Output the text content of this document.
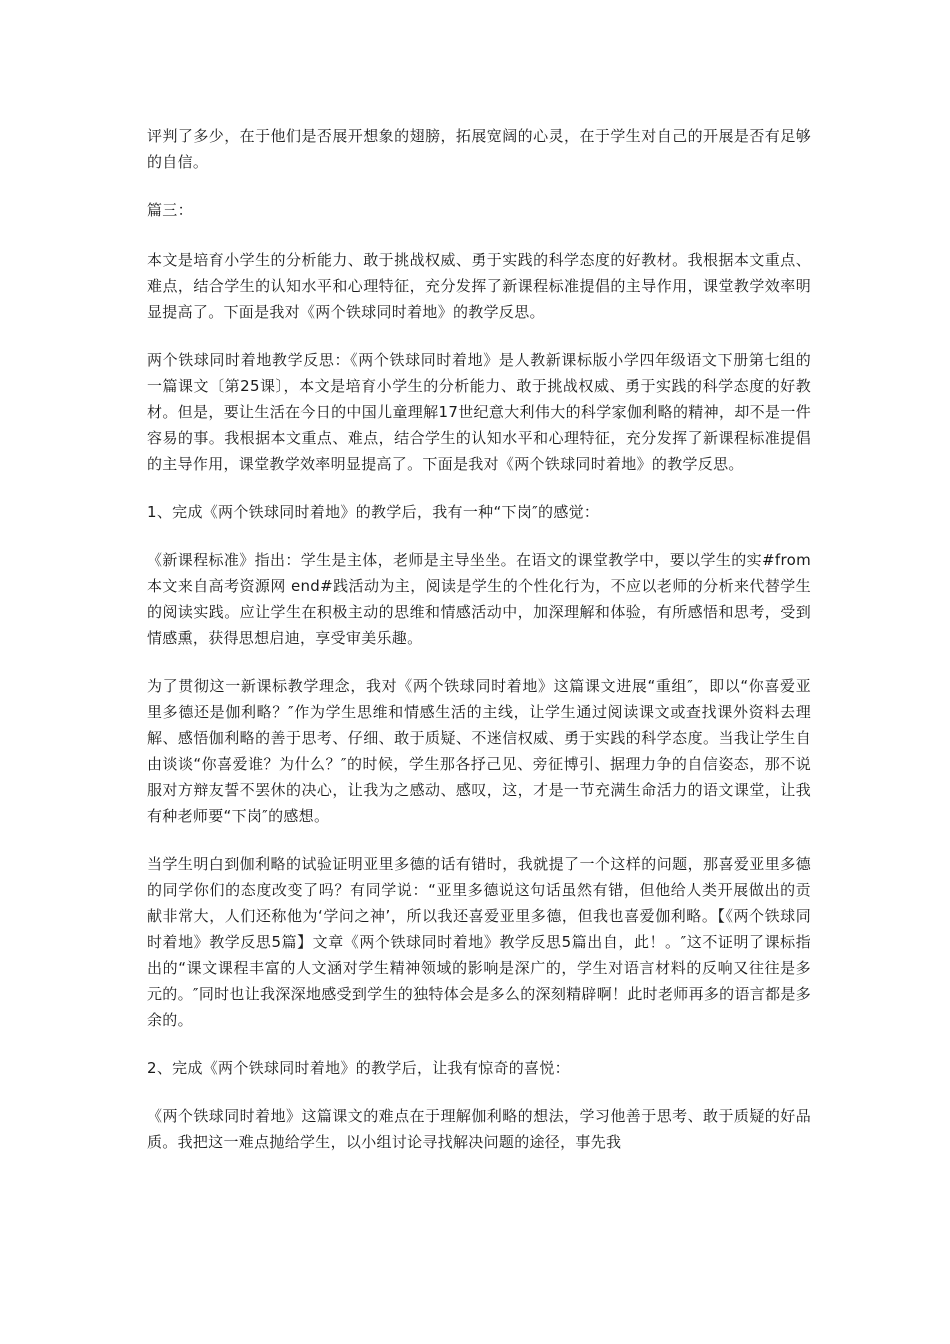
评判了多少，在于他们是否展开想象的翅膀，拓展宽阔的心灵，在于学生对自己的开展是否有足够的自信。

篇三：

本文是培育小学生的分析能力、敢于挑战权威、勇于实践的科学态度的好教材。我根据本文重点、难点，结合学生的认知水平和心理特征，充分发挥了新课程标准提倡的主导作用，课堂教学效率明显提高了。下面是我对《两个铁球同时着地》的教学反思。

两个铁球同时着地教学反思：《两个铁球同时着地》是人教新课标版小学四年级语文下册第七组的一篇课文〔第25课〕，本文是培育小学生的分析能力、敢于挑战权威、勇于实践的科学态度的好教材。但是，要让生活在今日的中国儿童理解17世纪意大利伟大的科学家伽利略的精神，却不是一件容易的事。我根据本文重点、难点，结合学生的认知水平和心理特征，充分发挥了新课程标准提倡的主导作用，课堂教学效率明显提高了。下面是我对《两个铁球同时着地》的教学反思。

1、完成《两个铁球同时着地》的教学后，我有一种“下岗″的感觉：

《新课程标准》指出：学生是主体，老师是主导坐坐。在语文的课堂教学中，要以学生的实#from 本文来自高考资源网 end#践活动为主，阅读是学生的个性化行为，不应以老师的分析来代替学生的阅读实践。应让学生在积极主动的思维和情感活动中，加深理解和体验，有所感悟和思考，受到情感熏，获得思想启迪，享受审美乐趣。

为了贯彻这一新课标教学理念，我对《两个铁球同时着地》这篇课文进展“重组″，即以“你喜爱亚里多德还是伽利略？″作为学生思维和情感生活的主线，让学生通过阅读课文或查找课外资料去理解、感悟伽利略的善于思考、仔细、敢于质疑、不迷信权威、勇于实践的科学态度。当我让学生自由谈谈“你喜爱谁？为什么？″的时候，学生那各抒己见、旁征博引、据理力争的自信姿态，那不说服对方辩友誓不罢休的决心，让我为之感动、感叹，这，才是一节充满生命活力的语文课堂，让我有种老师要“下岗″的感想。

当学生明白到伽利略的试验证明亚里多德的话有错时，我就提了一个这样的问题，那喜爱亚里多德的同学你们的态度改变了吗？有同学说：“亚里多德说这句话虽然有错，但他给人类开展做出的贡献非常大，人们还称他为‘学问之神’，所以我还喜爱亚里多德，但我也喜爱伽利略。【《两个铁球同时着地》教学反思5篇】文章《两个铁球同时着地》教学反思5篇出自，此！。″这不证明了课标指出的“课文课程丰富的人文涵对学生精神领域的影响是深广的，学生对语言材料的反响又往往是多元的。″同时也让我深深地感受到学生的独特体会是多么的深刻精辟啊！此时老师再多的语言都是多余的。

2、完成《两个铁球同时着地》的教学后，让我有惊奇的喜悦：

《两个铁球同时着地》这篇课文的难点在于理解伽利略的想法，学习他善于思考、敢于质疑的好品质。我把这一难点抛给学生，以小组讨论寻找解决问题的途径，事先我
